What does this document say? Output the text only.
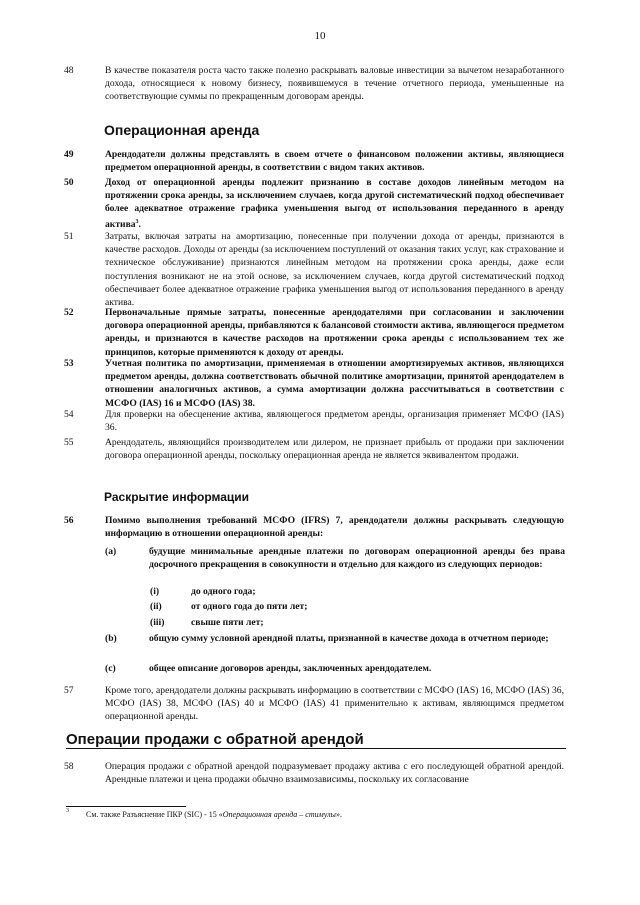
10
48	В качестве показателя роста часто также полезно раскрывать валовые инвестиции за вычетом незаработанного дохода, относящиеся к новому бизнесу, появившемуся в течение отчетного периода, уменьшенные на соответствующие суммы по прекращенным договорам аренды.
Операционная аренда
49	Арендодатели должны представлять в своем отчете о финансовом положении активы, являющиеся предметом операционной аренды, в соответствии с видом таких активов.
50	Доход от операционной аренды подлежит признанию в составе доходов линейным методом на протяжении срока аренды, за исключением случаев, когда другой систематический подход обеспечивает более адекватное отражение графика уменьшения выгод от использования переданного в аренду актива$^3$.
51	Затраты, включая затраты на амортизацию, понесенные при получении дохода от аренды, признаются в качестве расходов. Доходы от аренды (за исключением поступлений от оказания таких услуг, как страхование и техническое обслуживание) признаются линейным методом на протяжении срока аренды, даже если поступления возникают не на этой основе, за исключением случаев, когда другой систематический подход обеспечивает более адекватное отражение графика уменьшения выгод от использования переданного в аренду актива.
52	Первоначальные прямые затраты, понесенные арендодателями при согласовании и заключении договора операционной аренды, прибавляются к балансовой стоимости актива, являющегося предметом аренды, и признаются в качестве расходов на протяжении срока аренды с использованием тех же принципов, которые применяются к доходу от аренды.
53	Учетная политика по амортизации, применяемая в отношении амортизируемых активов, являющихся предметом аренды, должна соответствовать обычной политике амортизации, принятой арендодателем в отношении аналогичных активов, а сумма амортизации должна рассчитываться в соответствии с МСФО (IAS) 16 и МСФО (IAS) 38.
54	Для проверки на обесценение актива, являющегося предметом аренды, организация применяет МСФО (IAS) 36.
55	Арендодатель, являющийся производителем или дилером, не признает прибыль от продажи при заключении договора операционной аренды, поскольку операционная аренда не является эквивалентом продажи.
Раскрытие информации
56	Помимо выполнения требований МСФО (IFRS) 7, арендодатели должны раскрывать следующую информацию в отношении операционной аренды:
(a)	будущие минимальные арендные платежи по договорам операционной аренды без права досрочного прекращения в совокупности и отдельно для каждого из следующих периодов:
(i)	до одного года;
(ii)	от одного года до пяти лет;
(iii)	свыше пяти лет;
(b)	общую сумму условной арендной платы, признанной в качестве дохода в отчетном периоде;
(c)	общее описание договоров аренды, заключенных арендодателем.
57	Кроме того, арендодатели должны раскрывать информацию в соответствии с МСФО (IAS) 16, МСФО (IAS) 36, МСФО (IAS) 38, МСФО (IAS) 40 и МСФО (IAS) 41 применительно к активам, являющимся предметом операционной аренды.
Операции продажи с обратной арендой
58	Операция продажи с обратной арендой подразумевает продажу актива с его последующей обратной арендой. Арендные платежи и цена продажи обычно взаимозависимы, поскольку их согласование
3 См. также Разъяснение ПКР (SIC) - 15 «Операционная аренда – стимулы».
